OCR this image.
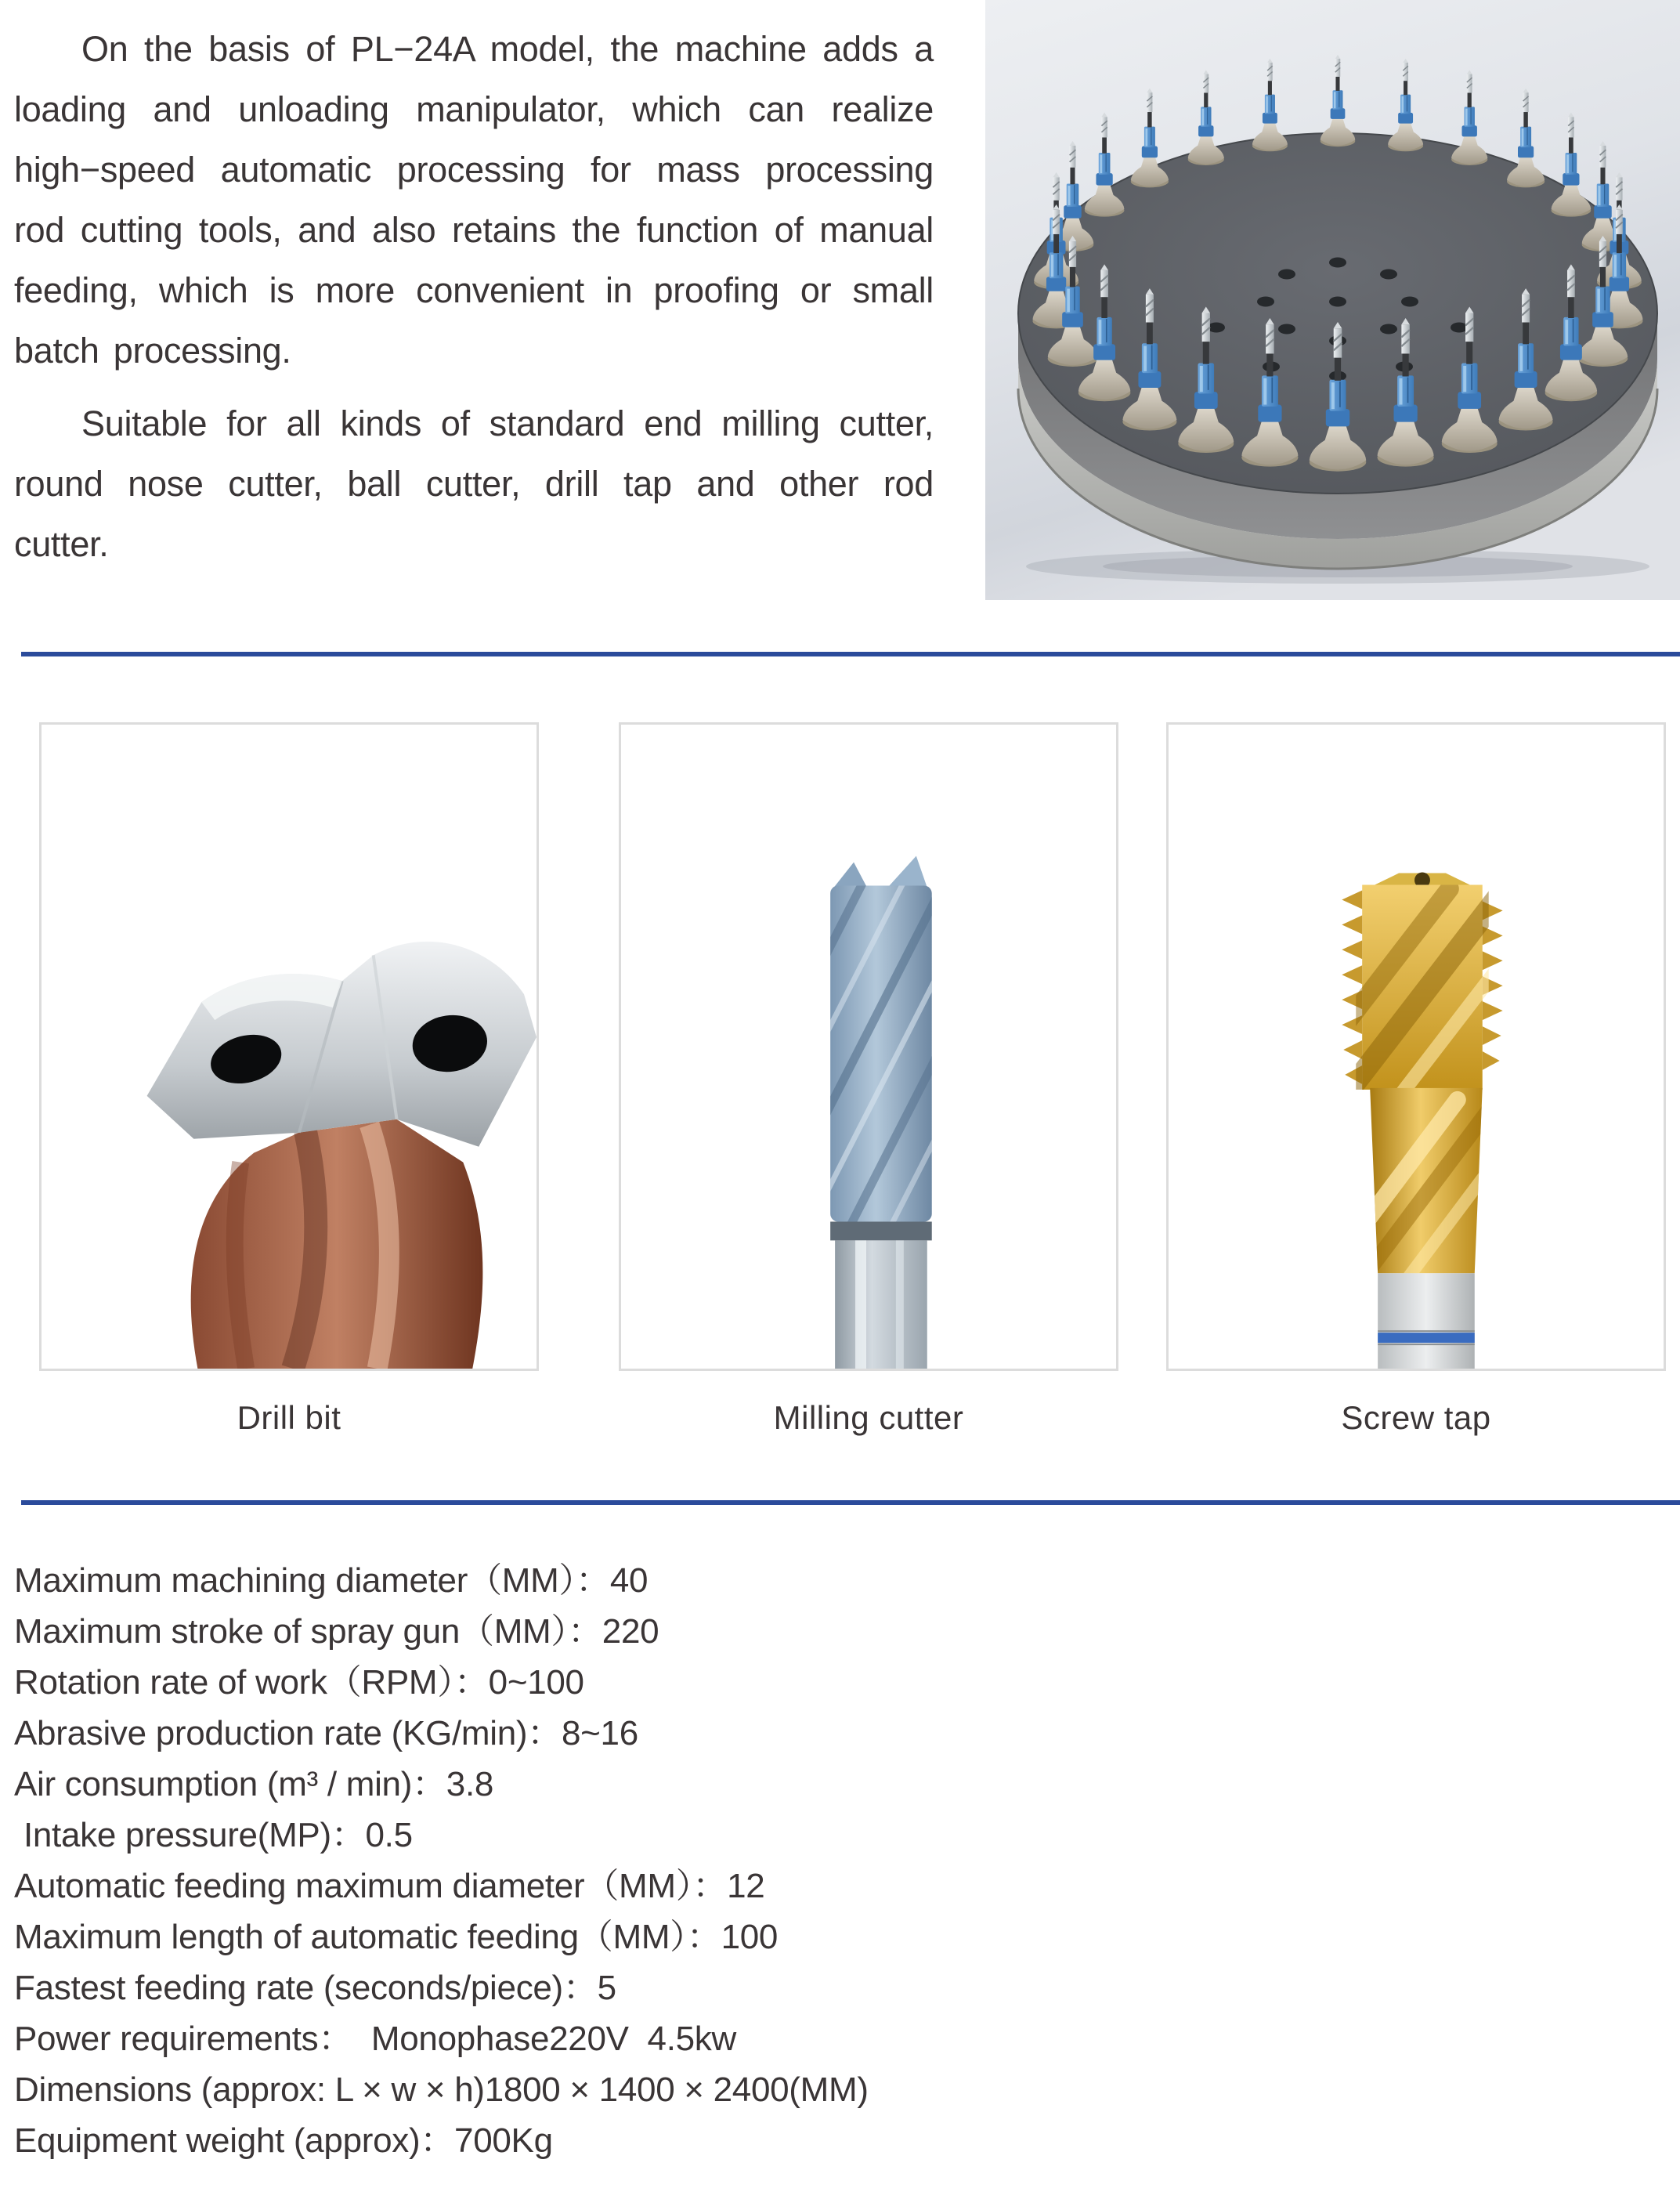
On the basis of PL−24A model, the machine adds a loading and unloading manipulator, which can realize high−speed automatic processing for mass processing rod cutting tools, and also retains the function of manual feeding, which is more convenient in proofing or small batch processing.

Suitable for all kinds of standard end milling cutter, round nose cutter, ball cutter, drill tap and other rod cutter.

Drill bit	Milling cutter	Screw tap
Maximum machining diameter（MM）：40
Maximum stroke of spray gun（MM）：220
Rotation rate of work（RPM）：0~100
Abrasive production rate (KG/min)：8~16
Air consumption (m³ / min)：3.8
Intake pressure(MP)：0.5
Automatic feeding maximum diameter（MM）：12
Maximum length of automatic feeding（MM）：100
Fastest feeding rate (seconds/piece)：5
Power requirements：  Monophase220V  4.5kw
Dimensions (approx: L × w × h)1800 × 1400 × 2400(MM)
Equipment weight (approx)：700Kg
